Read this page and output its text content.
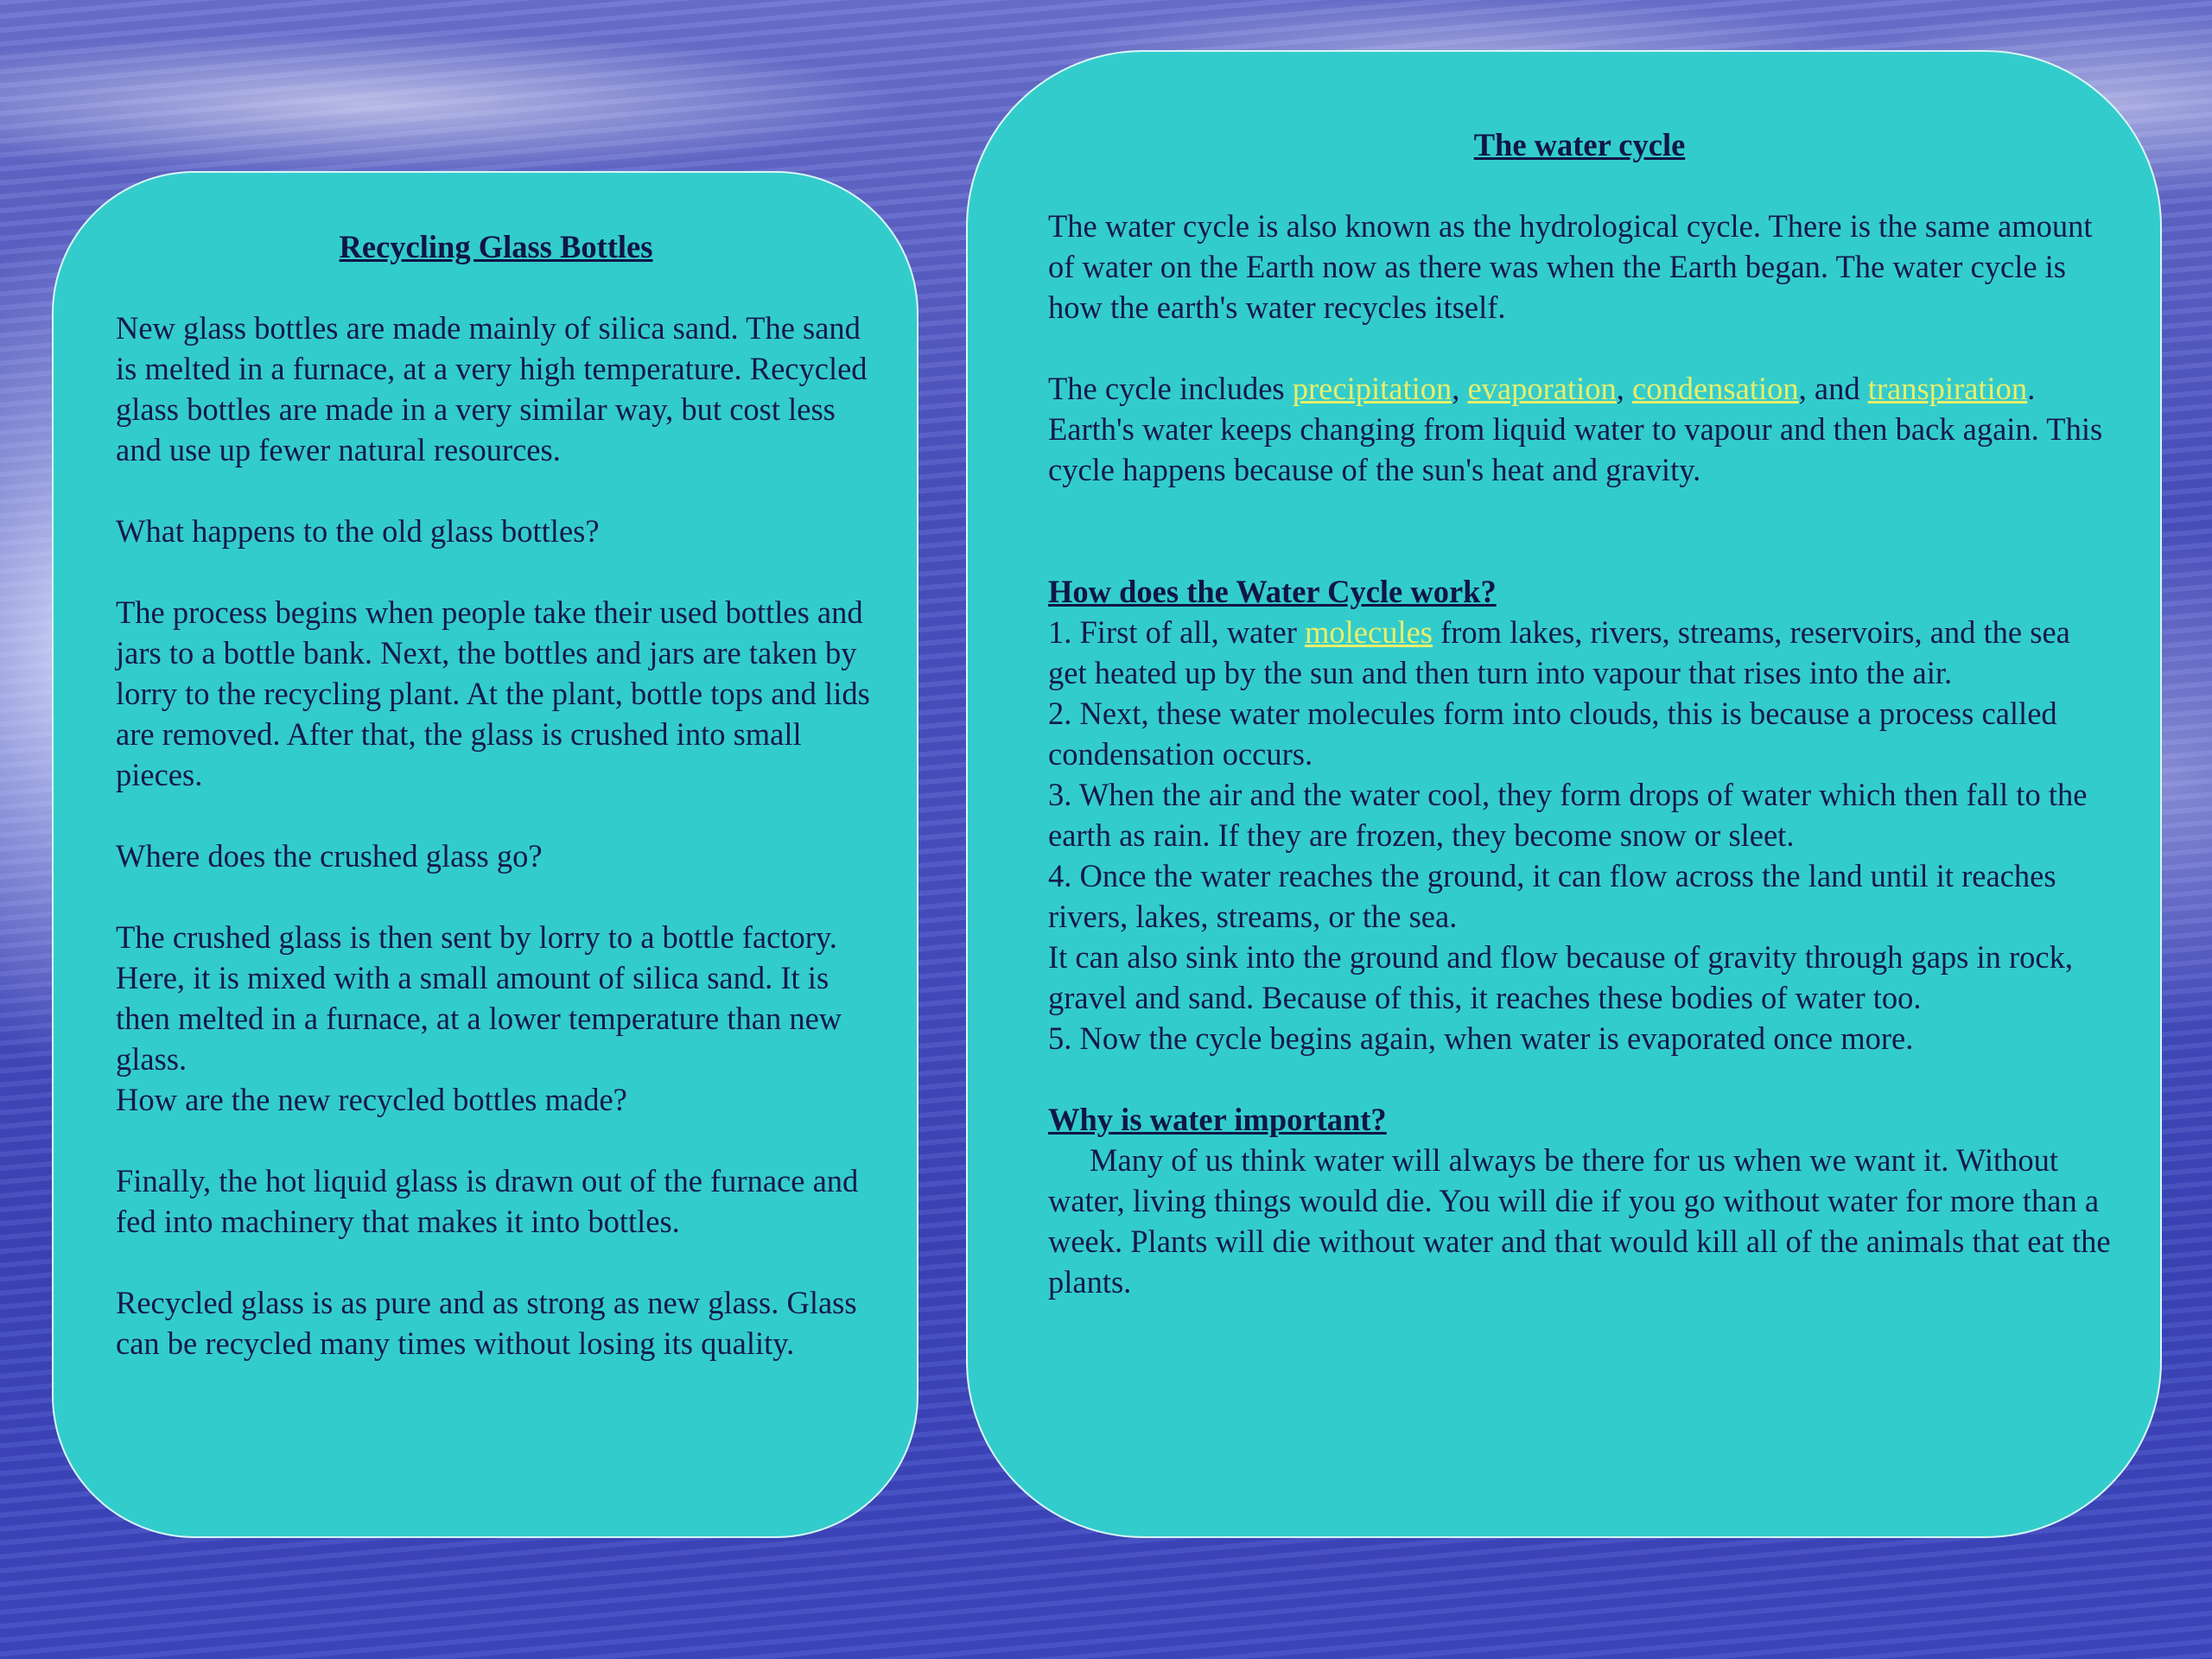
Recycling Glass Bottles

New glass bottles are made mainly of silica sand. The sand is melted in a furnace, at a very high temperature. Recycled glass bottles are made in a very similar way, but cost less and use up fewer natural resources.

What happens to the old glass bottles?

The process begins when people take their used bottles and jars to a bottle bank. Next, the bottles and jars are taken by lorry to the recycling plant. At the plant, bottle tops and lids are removed. After that, the glass is crushed into small pieces.

Where does the crushed glass go?

The crushed glass is then sent by lorry to a bottle factory. Here, it is mixed with a small amount of silica sand. It is then melted in a furnace, at a lower temperature than new glass.

How are the new recycled bottles made?

Finally, the hot liquid glass is drawn out of the furnace and fed into machinery that makes it into bottles.

Recycled glass is as pure and as strong as new glass. Glass can be recycled many times without losing its quality.

The water cycle

The water cycle is also known as the hydrological cycle. There is the same amount of water on the Earth now as there was when the Earth began. The water cycle is how the earth's water recycles itself.

The cycle includes precipitation, evaporation, condensation, and transpiration. Earth's water keeps changing from liquid water to vapour and then back again. This cycle happens because of the sun's heat and gravity.

How does the Water Cycle work?

1. First of all, water molecules from lakes, rivers, streams, reservoirs, and the sea get heated up by the sun and then turn into vapour that rises into the air.

2. Next, these water molecules form into clouds, this is because a process called condensation occurs.

3. When the air and the water cool, they form drops of water which then fall to the earth as rain. If they are frozen, they become snow or sleet.

4. Once the water reaches the ground, it can flow across the land until it reaches rivers, lakes, streams, or the sea.

It can also sink into the ground and flow because of gravity through gaps in rock, gravel and sand. Because of this, it reaches these bodies of water too.

5. Now the cycle begins again, when water is evaporated once more.

Why is water important?

Many of us think water will always be there for us when we want it. Without water, living things would die. You will die if you go without water for more than a week. Plants will die without water and that would kill all of the animals that eat the plants.
